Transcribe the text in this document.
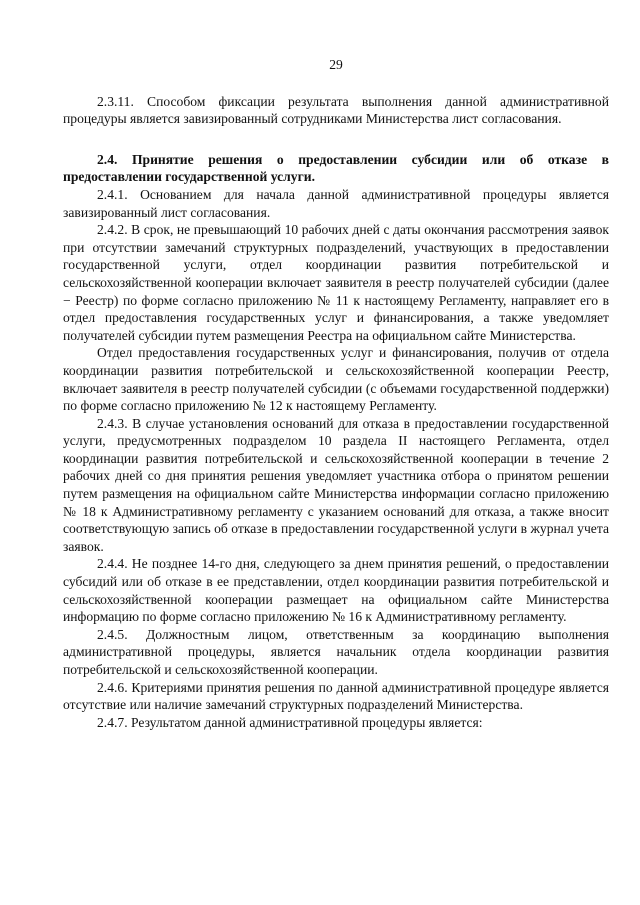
29

2.3.11. Способом фиксации результата выполнения данной административной процедуры является завизированный сотрудниками Министерства лист согласования.

2.4. Принятие решения о предоставлении субсидии или об отказе в предоставлении государственной услуги.

2.4.1. Основанием для начала данной административной процедуры является завизированный лист согласования.

2.4.2. В срок, не превышающий 10 рабочих дней с даты окончания рассмотрения заявок при отсутствии замечаний структурных подразделений, участвующих в предоставлении государственной услуги, отдел координации развития потребительской и сельскохозяйственной кооперации включает заявителя в реестр получателей субсидии (далее − Реестр) по форме согласно приложению № 11 к настоящему Регламенту, направляет его в отдел предоставления государственных услуг и финансирования, а также уведомляет получателей субсидии путем размещения Реестра на официальном сайте Министерства.

Отдел предоставления государственных услуг и финансирования, получив от отдела координации развития потребительской и сельскохозяйственной кооперации Реестр, включает заявителя в реестр получателей субсидии (с объемами государственной поддержки) по форме согласно приложению № 12 к настоящему Регламенту.

2.4.3. В случае установления оснований для отказа в предоставлении государственной услуги, предусмотренных подразделом 10 раздела II настоящего Регламента, отдел координации развития потребительской и сельскохозяйственной кооперации в течение 2 рабочих дней со дня принятия решения уведомляет участника отбора о принятом решении путем размещения на официальном сайте Министерства информации согласно приложению № 18 к Административному регламенту с указанием оснований для отказа, а также вносит соответствующую запись об отказе в предоставлении государственной услуги в журнал учета заявок.

2.4.4. Не позднее 14-го дня, следующего за днем принятия решений, о предоставлении субсидий или об отказе в ее представлении, отдел координации развития потребительской и сельскохозяйственной кооперации размещает на официальном сайте Министерства информацию по форме согласно приложению № 16 к Административному регламенту.

2.4.5. Должностным лицом, ответственным за координацию выполнения административной процедуры, является начальник отдела координации развития потребительской и сельскохозяйственной кооперации.

2.4.6. Критериями принятия решения по данной административной процедуре является отсутствие или наличие замечаний структурных подразделений Министерства.

2.4.7. Результатом данной административной процедуры является:
